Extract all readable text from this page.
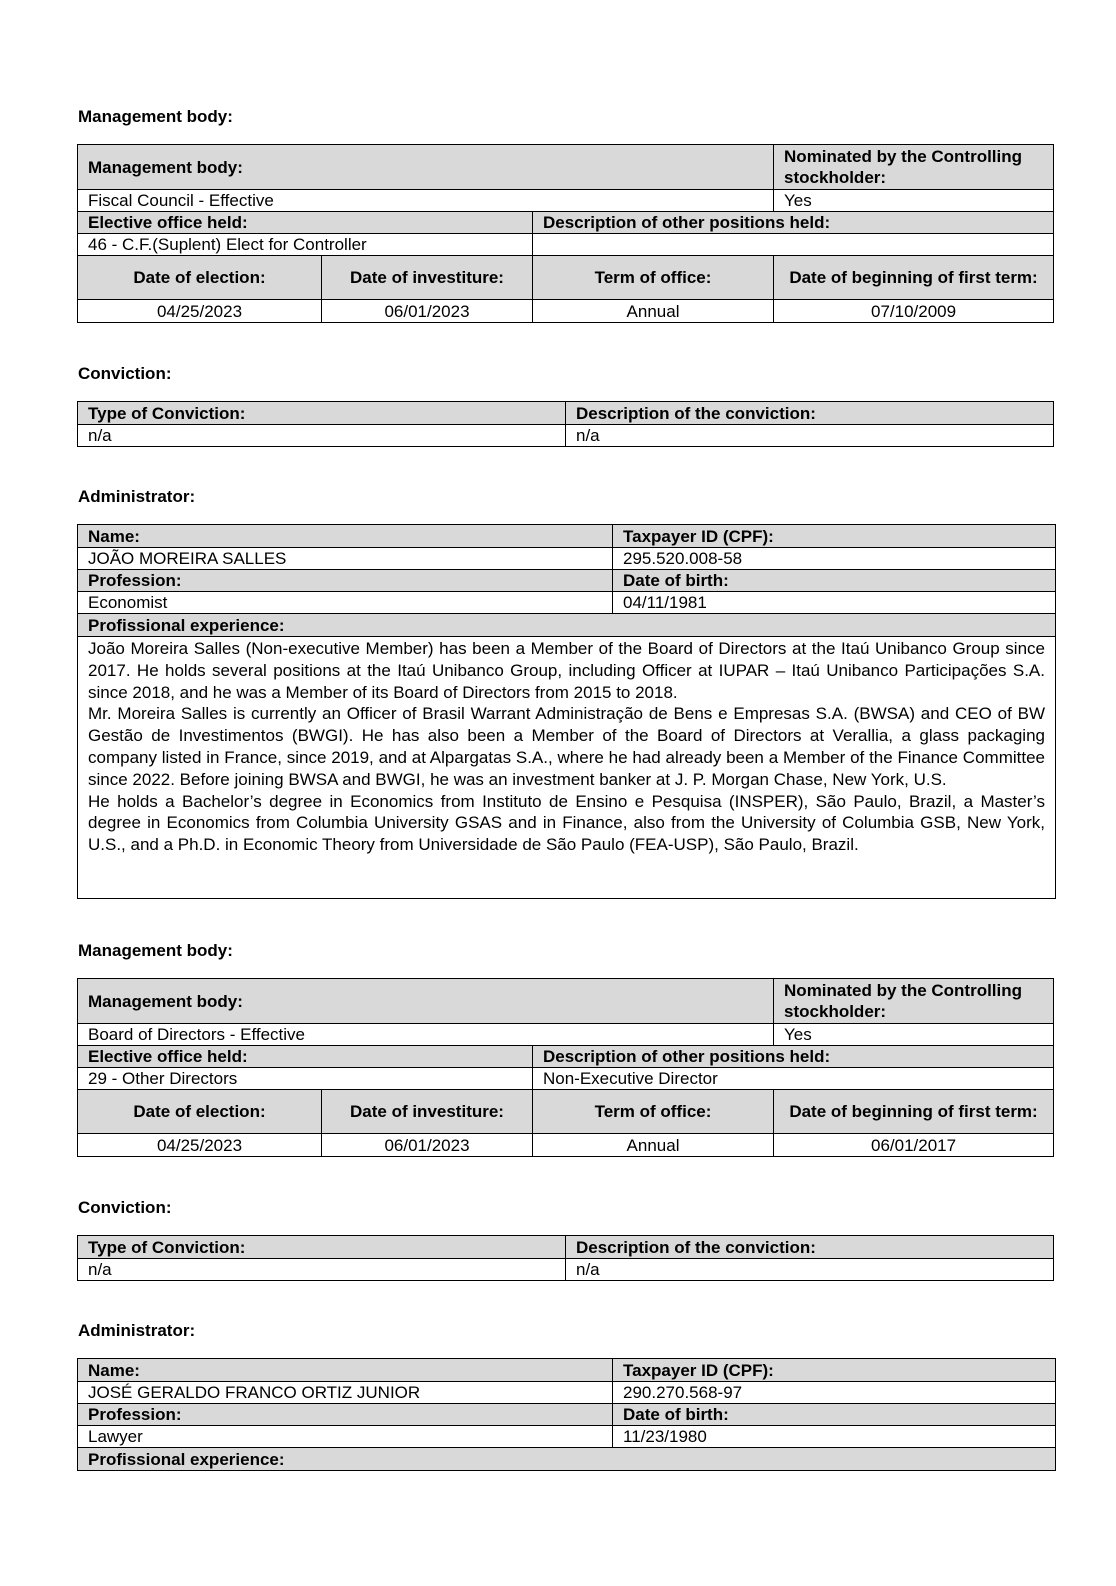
Management body:
Management body:			Nominated by the Controlling stockholder:
Fiscal Council - Effective			Yes
Elective office held:		Description of other positions held:	
46 - C.F.(Suplent) Elect for Controller			
Date of election:	Date of investiture:	Term of office:	Date of beginning of first term:
04/25/2023	06/01/2023	Annual	07/10/2009
Conviction:
Type of Conviction:	Description of the conviction:
n/a	n/a
Administrator:
Name:	Taxpayer ID (CPF):
JOÃO MOREIRA SALLES	295.520.008-58
Profession:	Date of birth:
Economist	04/11/1981
Profissional experience:	

João Moreira Salles (Non-executive Member) has been a Member of the Board of Directors at the Itaú Unibanco Group since 2017. He holds several positions at the Itaú Unibanco Group, including Officer at IUPAR – Itaú Unibanco Participações S.A. since 2018, and he was a Member of its Board of Directors from 2015 to 2018.

Mr. Moreira Salles is currently an Officer of Brasil Warrant Administração de Bens e Empresas S.A. (BWSA) and CEO of BW Gestão de Investimentos (BWGI). He has also been a Member of the Board of Directors at Verallia, a glass packaging company listed in France, since 2019, and at Alpargatas S.A., where he had already been a Member of the Finance Committee since 2022. Before joining BWSA and BWGI, he was an investment banker at J. P. Morgan Chase, New York, U.S.

He holds a Bachelor’s degree in Economics from Instituto de Ensino e Pesquisa (INSPER), São Paulo, Brazil, a Master’s degree in Economics from Columbia University GSAS and in Finance, also from the University of Columbia GSB, New York, U.S., and a Ph.D. in Economic Theory from Universidade de São Paulo (FEA-USP), São Paulo, Brazil.	

Management body:
Management body:			Nominated by the Controlling stockholder:
Board of Directors - Effective			Yes
Elective office held:		Description of other positions held:	
29 - Other Directors		Non-Executive Director	
Date of election:	Date of investiture:	Term of office:	Date of beginning of first term:
04/25/2023	06/01/2023	Annual	06/01/2017
Conviction:
Type of Conviction:	Description of the conviction:
n/a	n/a
Administrator:
Name:	Taxpayer ID (CPF):
JOSÉ GERALDO FRANCO ORTIZ JUNIOR	290.270.568-97
Profession:	Date of birth:
Lawyer	11/23/1980
Profissional experience:	
